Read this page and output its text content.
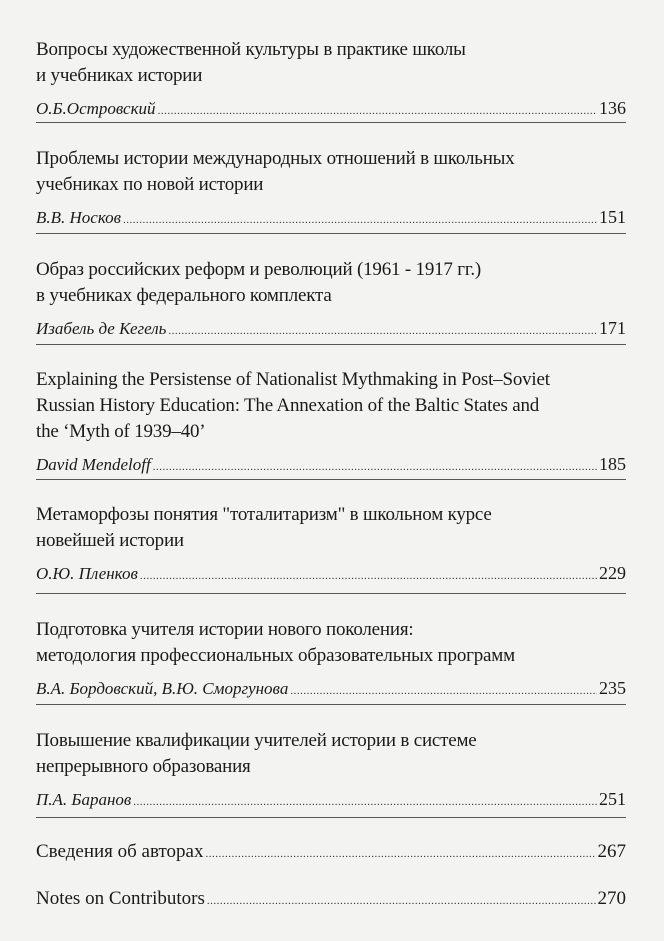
Вопросы художественной культуры в практике школы
и учебниках истории
О.Б.Островский .....	136
Проблемы истории международных отношений в школьных
учебниках по новой истории
В.В. Носков .....	151
Образ российских реформ и революций (1961 - 1917 гг.)
в учебниках федерального комплекта
Изабель де Кегель .....	171
Explaining the Persistense of Nationalist Mythmaking in Post–Soviet
Russian History Education: The Annexation of the Baltic States and
the ‘Myth of 1939–40’
David Mendeloff .....	185
Метаморфозы понятия "тоталитаризм" в школьном курсе
новейшей истории
О.Ю. Пленков .....	229
Подготовка учителя истории нового поколения:
методология профессиональных образовательных программ
В.А. Бордовский, В.Ю. Сморгунова .....	235
Повышение квалификации учителей истории в системе
непрерывного образования
П.А. Баранов .....	251
Сведения об авторах .....	267
Notes on Contributors .....	270
